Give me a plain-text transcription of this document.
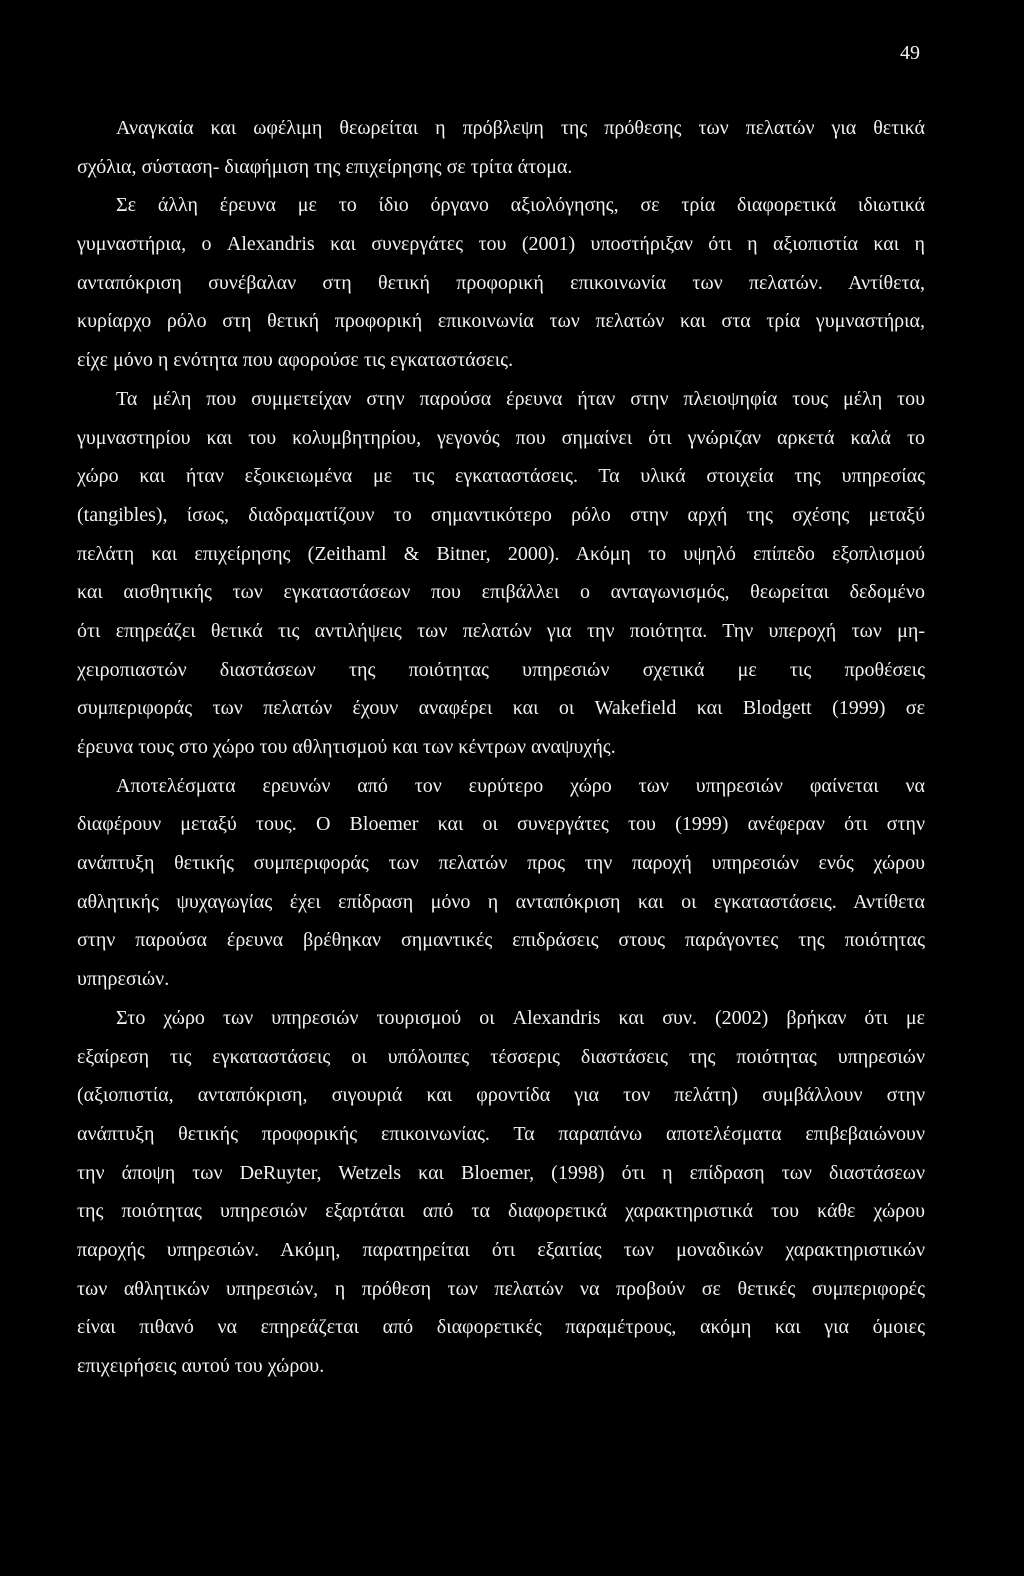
49
Αναγκαία και ωφέλιμη θεωρείται η πρόβλεψη της πρόθεσης των πελατών για θετικά
σχόλια, σύσταση- διαφήμιση της επιχείρησης σε τρίτα άτομα.
Σε άλλη έρευνα με το ίδιο όργανο αξιολόγησης, σε τρία διαφορετικά ιδιωτικά
γυμναστήρια, ο Alexandris και συνεργάτες του (2001) υποστήριξαν ότι η αξιοπιστία και η
ανταπόκριση συνέβαλαν στη θετική προφορική επικοινωνία των πελατών. Αντίθετα,
κυρίαρχο ρόλο στη θετική προφορική επικοινωνία των πελατών και στα τρία γυμναστήρια,
είχε μόνο η ενότητα που αφορούσε τις εγκαταστάσεις.
Τα μέλη που συμμετείχαν στην παρούσα έρευνα ήταν στην πλειοψηφία τους μέλη του
γυμναστηρίου και του κολυμβητηρίου, γεγονός που σημαίνει ότι γνώριζαν αρκετά καλά το
χώρο και ήταν εξοικειωμένα με τις εγκαταστάσεις. Τα υλικά στοιχεία της υπηρεσίας
(tangibles), ίσως, διαδραματίζουν το σημαντικότερο ρόλο στην αρχή της σχέσης μεταξύ
πελάτη και επιχείρησης (Zeithaml & Bitner, 2000). Ακόμη το υψηλό επίπεδο εξοπλισμού
και αισθητικής των εγκαταστάσεων που επιβάλλει ο ανταγωνισμός, θεωρείται δεδομένο
ότι επηρεάζει θετικά τις αντιλήψεις των πελατών για την ποιότητα. Την υπεροχή των μη-
χειροπιαστών διαστάσεων της ποιότητας υπηρεσιών σχετικά με τις προθέσεις
συμπεριφοράς των πελατών έχουν αναφέρει και οι Wakefield και Blodgett (1999) σε
έρευνα τους στο χώρο του αθλητισμού και των κέντρων αναψυχής.
Αποτελέσματα ερευνών από τον ευρύτερο χώρο των υπηρεσιών φαίνεται να
διαφέρουν μεταξύ τους. Ο Bloemer και οι συνεργάτες του (1999) ανέφεραν ότι στην
ανάπτυξη θετικής συμπεριφοράς των πελατών προς την παροχή υπηρεσιών ενός χώρου
αθλητικής ψυχαγωγίας έχει επίδραση μόνο η ανταπόκριση και οι εγκαταστάσεις. Αντίθετα
στην παρούσα έρευνα βρέθηκαν σημαντικές επιδράσεις στους παράγοντες της ποιότητας
υπηρεσιών.
Στο χώρο των υπηρεσιών τουρισμού οι Alexandris και συν. (2002) βρήκαν ότι με
εξαίρεση τις εγκαταστάσεις οι υπόλοιπες τέσσερις διαστάσεις της ποιότητας υπηρεσιών
(αξιοπιστία, ανταπόκριση, σιγουριά και φροντίδα για τον πελάτη) συμβάλλουν στην
ανάπτυξη θετικής προφορικής επικοινωνίας. Τα παραπάνω αποτελέσματα επιβεβαιώνουν
την άποψη των DeRuyter, Wetzels και Bloemer, (1998) ότι η επίδραση των διαστάσεων
της ποιότητας υπηρεσιών εξαρτάται από τα διαφορετικά χαρακτηριστικά του κάθε χώρου
παροχής υπηρεσιών. Ακόμη, παρατηρείται ότι εξαιτίας των μοναδικών χαρακτηριστικών
των αθλητικών υπηρεσιών, η πρόθεση των πελατών να προβούν σε θετικές συμπεριφορές
είναι πιθανό να επηρεάζεται από διαφορετικές παραμέτρους, ακόμη και για όμοιες
επιχειρήσεις αυτού του χώρου.
